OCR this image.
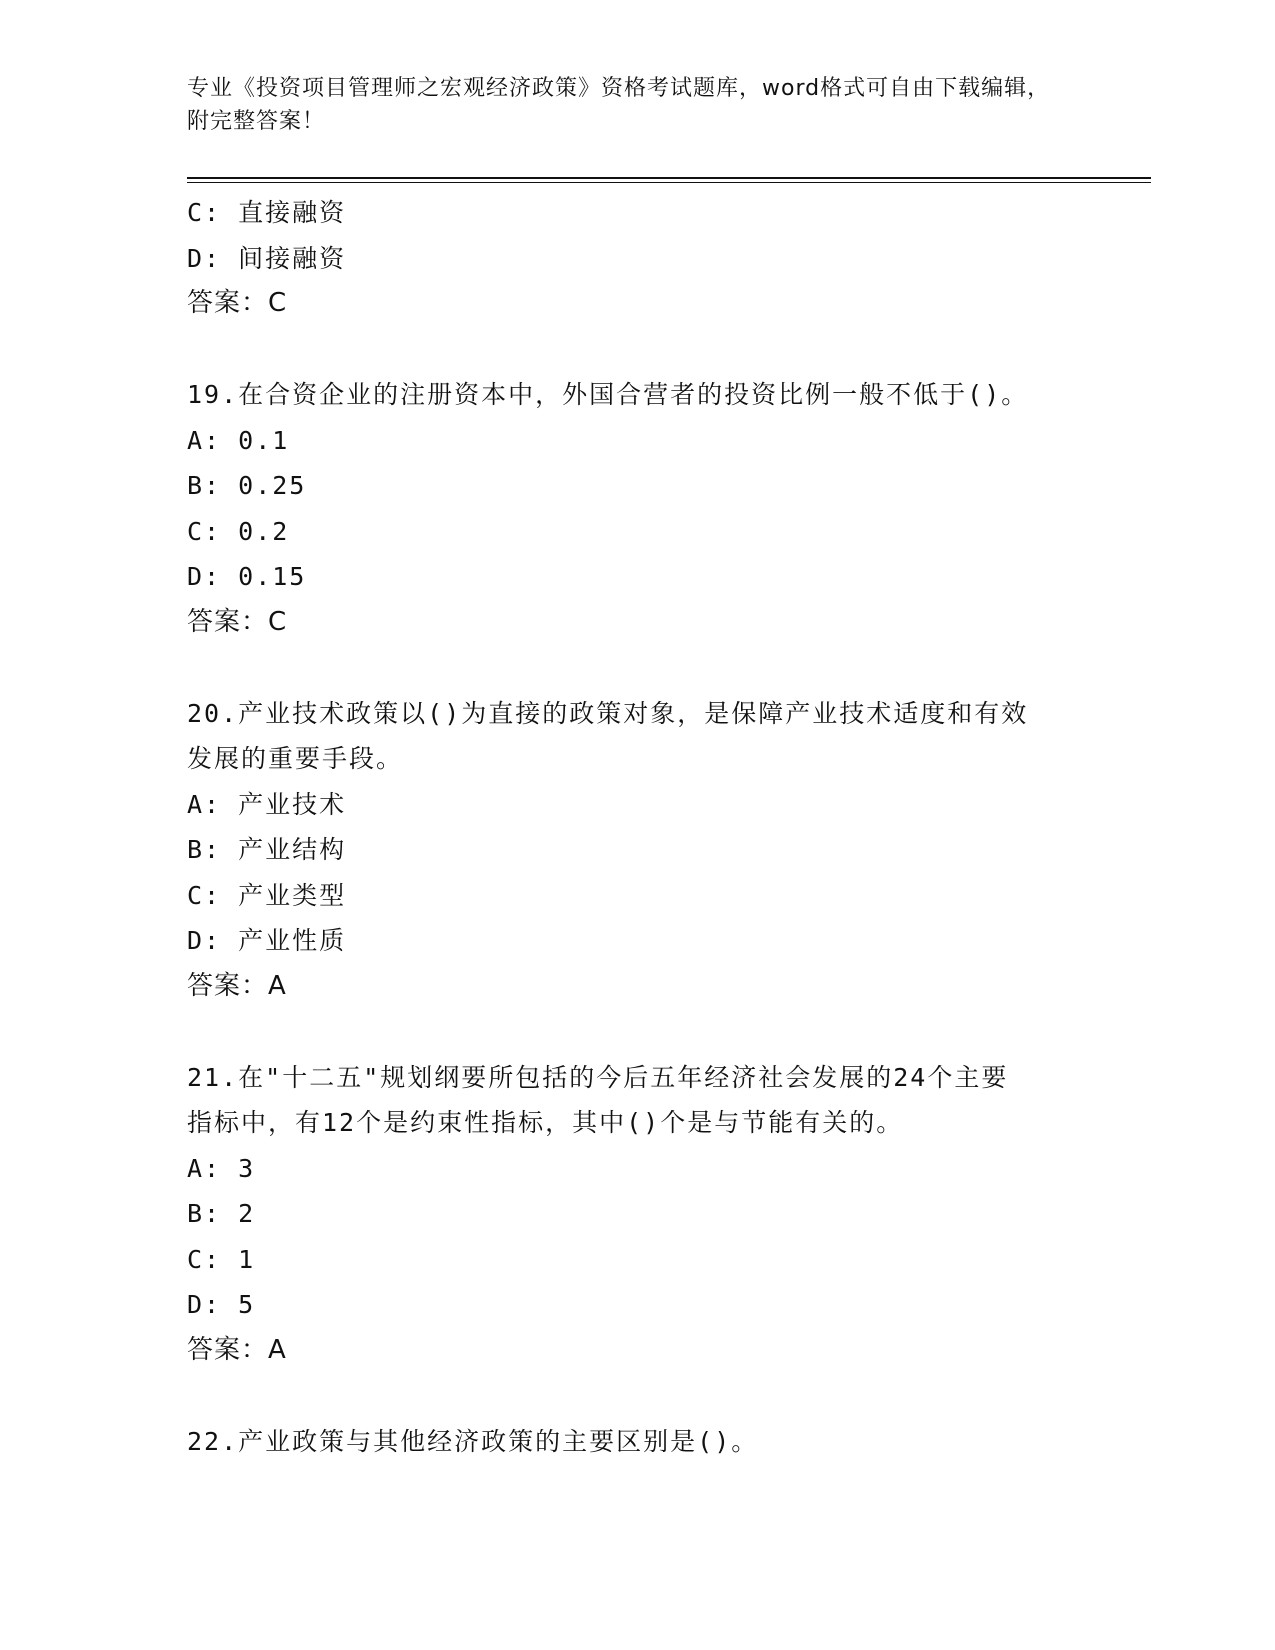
专业《投资项目管理师之宏观经济政策》资格考试题库，word格式可自由下载编辑，附完整答案！
C: 直接融资
D: 间接融资
答案：C
19.在合资企业的注册资本中，外国合营者的投资比例一般不低于()。
A: 0.1
B: 0.25
C: 0.2
D: 0.15
答案：C
20.产业技术政策以()为直接的政策对象，是保障产业技术适度和有效
发展的重要手段。
A: 产业技术
B: 产业结构
C: 产业类型
D: 产业性质
答案：A
21.在"十二五"规划纲要所包括的今后五年经济社会发展的24个主要
指标中，有12个是约束性指标，其中()个是与节能有关的。
A: 3
B: 2
C: 1
D: 5
答案：A
22.产业政策与其他经济政策的主要区别是()。
